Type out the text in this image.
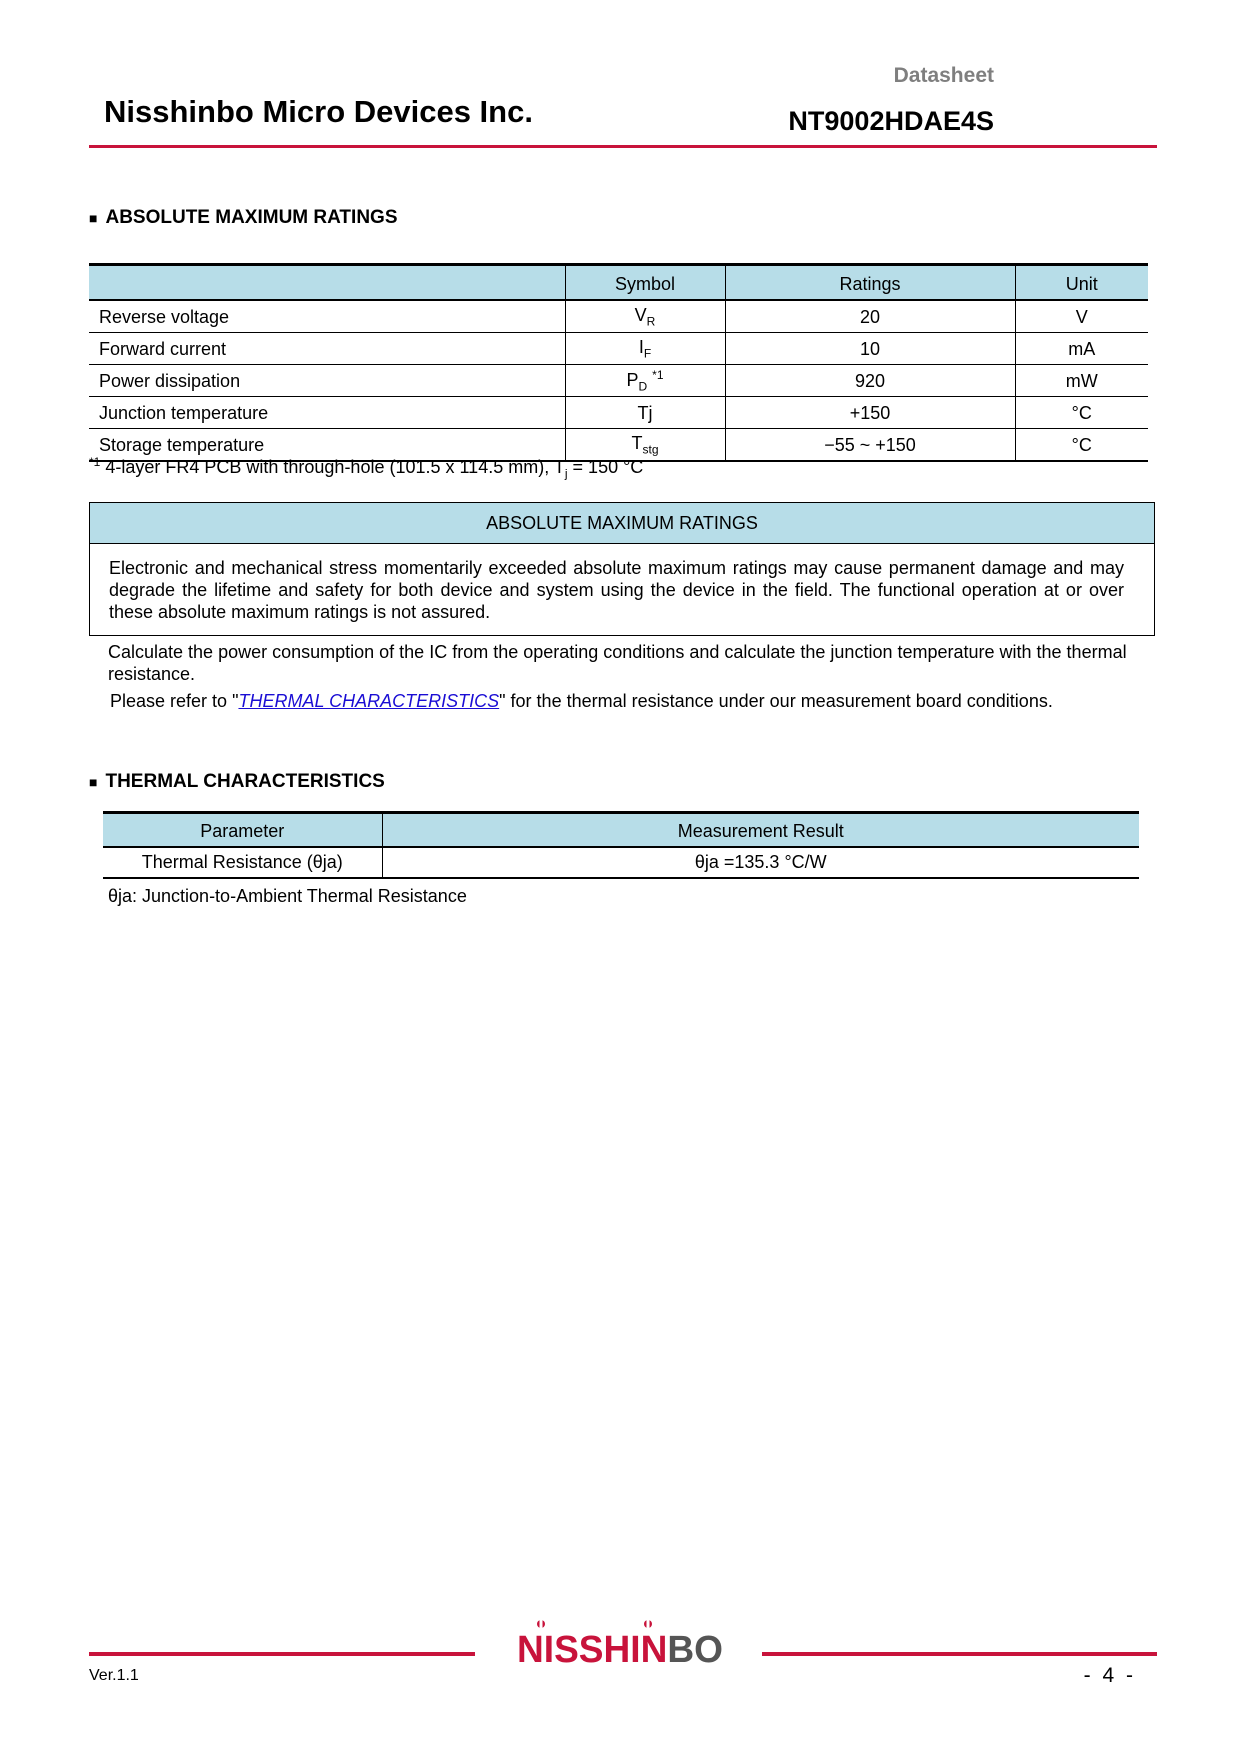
Datasheet
Nisshinbo Micro Devices Inc.	NT9002HDAE4S
■ ABSOLUTE MAXIMUM RATINGS
	Symbol	Ratings	Unit
Reverse voltage	$V_R$	20	V
Forward current	$I_F$	10	mA
Power dissipation	$P_D$ $^{*1}$	920	mW
Junction temperature	Tj	+150	°C
Storage temperature	$T_{stg}$	−55 ~ +150	°C
$^{*1}$ 4-layer FR4 PCB with through-hole (101.5 x 114.5 mm), $T_j = 150$ °C
ABSOLUTE MAXIMUM RATINGS
Electronic and mechanical stress momentarily exceeded absolute maximum ratings may cause permanent damage and may degrade the lifetime and safety for both device and system using the device in the field. The functional operation at or over these absolute maximum ratings is not assured.
Calculate the power consumption of the IC from the operating conditions and calculate the junction temperature with the thermal resistance.
Please refer to "THERMAL CHARACTERISTICS" for the thermal resistance under our measurement board conditions.
■ THERMAL CHARACTERISTICS
Parameter	Measurement Result
Thermal Resistance (θja)	θja =135.3 °C/W
θja: Junction-to-Ambient Thermal Resistance
NISSHINBO
Ver.1.1	- 4 -
